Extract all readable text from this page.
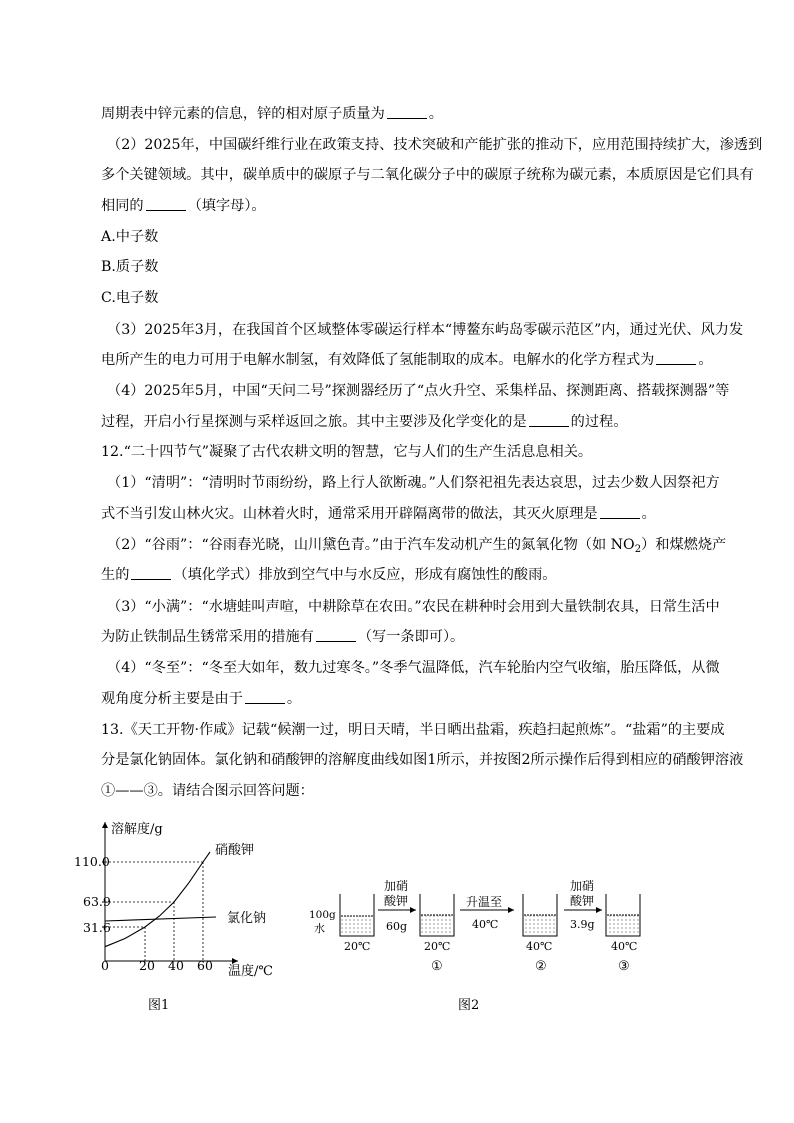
周期表中锌元素的信息，锌的相对原子质量为	。
（2）2025年，中国碳纤维行业在政策支持、技术突破和产能扩张的推动下，应用范围持续扩大，渗透到
多个关键领域。其中，碳单质中的碳原子与二氧化碳分子中的碳原子统称为碳元素，本质原因是它们具有
相同的	（填字母）。
A.中子数
B.质子数
C.电子数
（3）2025年3月，在我国首个区域整体零碳运行样本“博鳌东屿岛零碳示范区”内，通过光伏、风力发
电所产生的电力可用于电解水制氢，有效降低了氢能制取的成本。电解水的化学方程式为	。
（4）2025年5月，中国“天问二号”探测器经历了“点火升空、采集样品、探测距离、搭载探测器”等
过程，开启小行星探测与采样返回之旅。其中主要涉及化学变化的是	的过程。
12.“二十四节气”凝聚了古代农耕文明的智慧，它与人们的生产生活息息相关。
（1）“清明”：“清明时节雨纷纷，路上行人欲断魂。”人们祭祀祖先表达哀思，过去少数人因祭祀方
式不当引发山林火灾。山林着火时，通常采用开辟隔离带的做法，其灭火原理是	。
（2）“谷雨”：“谷雨春光晓，山川黛色青。”由于汽车发动机产生的氮氧化物（如 $NO_2$）和煤燃烧产
生的	（填化学式）排放到空气中与水反应，形成有腐蚀性的酸雨。
（3）“小满”：“水塘蛙叫声喧，中耕除草在农田。”农民在耕种时会用到大量铁制农具，日常生活中
为防止铁制品生锈常采用的措施有	（写一条即可）。
（4）“冬至”：“冬至大如年，数九过寒冬。”冬季气温降低，汽车轮胎内空气收缩，胎压降低，从微
观角度分析主要是由于	。
13.《天工开物·作咸》记载“候潮一过，明日天晴，半日晒出盐霜，疾趋扫起煎炼”。“盐霜”的主要成
分是氯化钠固体。氯化钠和硝酸钾的溶解度曲线如图1所示，并按图2所示操作后得到相应的硝酸钾溶液
①——③。请结合图示回答问题：
溶解度/g
温度/℃
110.0
63.9
31.6
0 20 40 60
硝酸钾
氯化钠
图1
100g
水
20℃
加硝
酸钾
60g
20℃
①
升温至
40℃
40℃
②
加硝
酸钾
3.9g
40℃
③
图2
